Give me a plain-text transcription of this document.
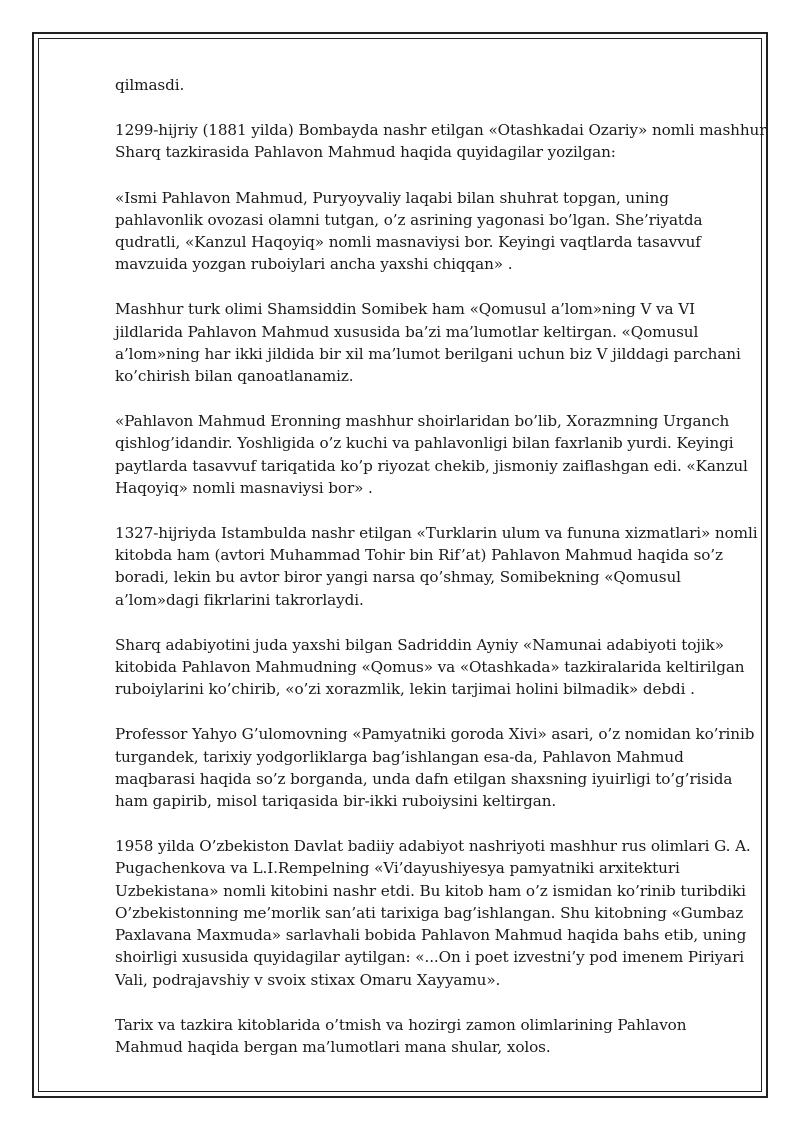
qilmasdi.

1299-hijriy (1881 yilda) Bombayda nashr etilgan «Otashkadai Ozariy» nomli mashhur
Sharq tazkirasida Pahlavon Mahmud haqida quyidagilar yozilgan:

«Ismi Pahlavon Mahmud, Puryoyvaliy laqabi bilan shuhrat topgan, uning
pahlavonlik ovozasi olamni tutgan, o’z asrining yagonasi bo’lgan. She’riyatda
qudratli, «Kanzul Haqoyiq» nomli masnaviysi bor. Keyingi vaqtlarda tasavvuf
mavzuida yozgan ruboiylari ancha yaxshi chiqqan» .

Mashhur turk olimi Shamsiddin Somibek ham «Qomusul a’lom»ning V va VI
jildlarida Pahlavon Mahmud xususida ba’zi ma’lumotlar keltirgan. «Qomusul
a’lom»ning har ikki jildida bir xil ma’lumot berilgani uchun biz V jilddagi parchani
ko’chirish bilan qanoatlanamiz.

«Pahlavon Mahmud Eronning mashhur shoirlaridan bo’lib, Xorazmning Urganch
qishlog’idandir. Yoshligida o’z kuchi va pahlavonligi bilan faxrlanib yurdi. Keyingi
paytlarda tasavvuf tariqatida ko’p riyozat chekib, jismoniy zaiflashgan edi. «Kanzul
Haqoyiq» nomli masnaviysi bor» .

1327-hijriyda Istambulda nashr etilgan «Turklarin ulum va fununa xizmatlari» nomli
kitobda ham (avtori Muhammad Tohir bin Rif’at) Pahlavon Mahmud haqida so’z
boradi, lekin bu avtor biror yangi narsa qo’shmay, Somibekning «Qomusul
a’lom»dagi fikrlarini takrorlaydi.

Sharq adabiyotini juda yaxshi bilgan Sadriddin Ayniy «Namunai adabiyoti tojik»
kitobida Pahlavon Mahmudning «Qomus» va «Otashkada» tazkiralarida keltirilgan
ruboiylarini ko’chirib, «o’zi xorazmlik, lekin tarjimai holini bilmadik» debdi .

Professor Yahyo G’ulomovning «Pamyatniki goroda Xivi» asari, o’z nomidan ko’rinib
turgandek, tarixiy yodgorliklarga bag’ishlangan esa-da, Pahlavon Mahmud
maqbarasi haqida so’z borganda, unda dafn etilgan shaxsning iyuirligi to’g’risida
ham gapirib, misol tariqasida bir-ikki ruboiysini keltirgan.

1958 yilda O’zbekiston Davlat badiiy adabiyot nashriyoti mashhur rus olimlari G. A.
Pugachenkova va L.I.Rempelning «Vi’dayushiyesya pamyatniki arxitekturi
Uzbekistana» nomli kitobini nashr etdi. Bu kitob ham o’z ismidan ko’rinib turibdiki
O’zbekistonning me’morlik san’ati tarixiga bag’ishlangan. Shu kitobning «Gumbaz
Paxlavana Maxmuda» sarlavhali bobida Pahlavon Mahmud haqida bahs etib, uning
shoirligi xususida quyidagilar aytilgan: «...On i poet izvestni’y pod imenem Piriyari
Vali, podrajavshiy v svoix stixax Omaru Xayyamu».

Tarix va tazkira kitoblarida o’tmish va hozirgi zamon olimlarining Pahlavon
Mahmud haqida bergan ma’lumotlari mana shular, xolos.
